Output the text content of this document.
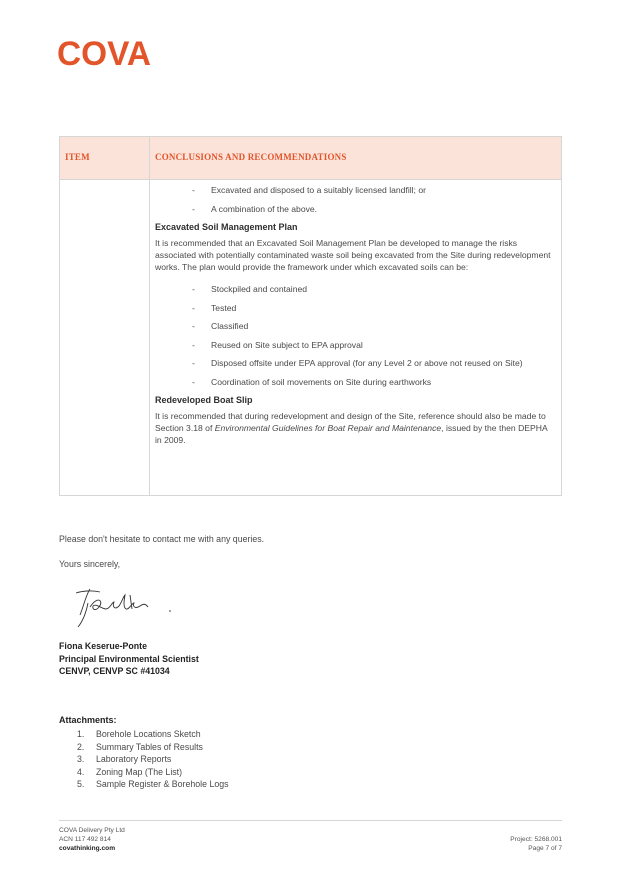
COVA
ITEM	CONCLUSIONS AND RECOMMENDATIONS
- Excavated and disposed to a suitably licensed landfill; or
- A combination of the above.
Excavated Soil Management Plan
It is recommended that an Excavated Soil Management Plan be developed to manage the risks associated with potentially contaminated waste soil being excavated from the Site during redevelopment works. The plan would provide the framework under which excavated soils can be:
- Stockpiled and contained
- Tested
- Classified
- Reused on Site subject to EPA approval
- Disposed offsite under EPA approval (for any Level 2 or above not reused on Site)
- Coordination of soil movements on Site during earthworks
Redeveloped Boat Slip
It is recommended that during redevelopment and design of the Site, reference should also be made to Section 3.18 of Environmental Guidelines for Boat Repair and Maintenance, issued by the then DEPHA in 2009.
Please don't hesitate to contact me with any queries.
Yours sincerely,
Fiona Keserue-Ponte
Principal Environmental Scientist
CENVP, CENVP SC #41034
Attachments:
1. Borehole Locations Sketch
2. Summary Tables of Results
3. Laboratory Reports
4. Zoning Map (The List)
5. Sample Register & Borehole Logs
COVA Delivery Pty Ltd
ACN 117 492 814
covathinking.com
Project: 5268.001
Page 7 of 7
